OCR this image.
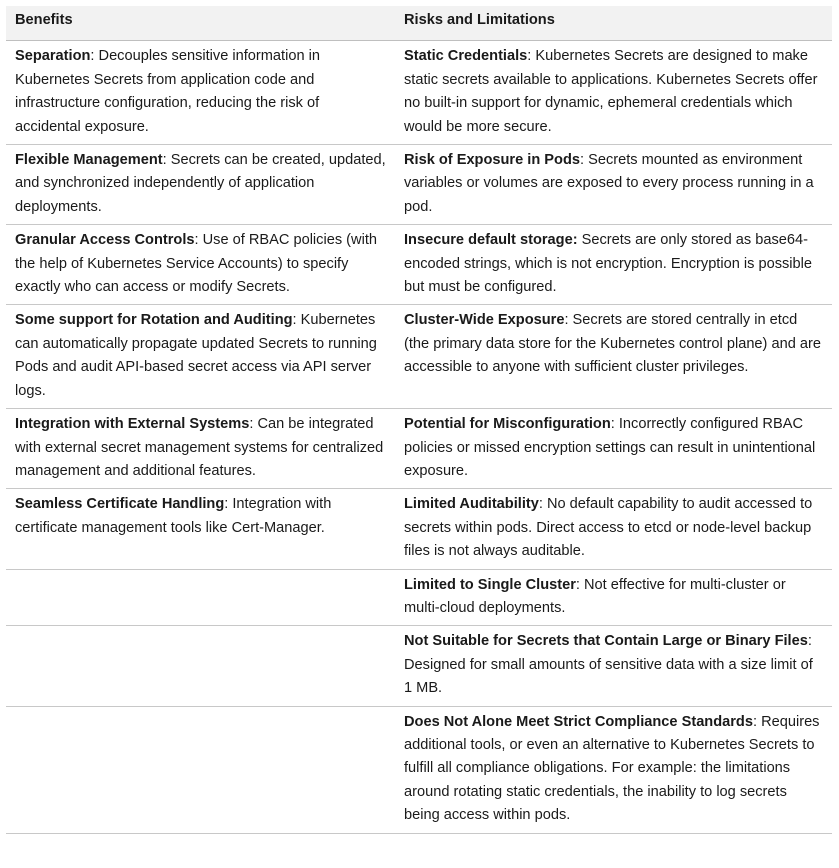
Benefits	Risks and Limitations
Separation: Decouples sensitive information in Kubernetes Secrets from application code and infrastructure configuration, reducing the risk of accidental exposure.	Static Credentials: Kubernetes Secrets are designed to make static secrets available to applications. Kubernetes Secrets offer no built-in support for dynamic, ephemeral credentials which would be more secure.
Flexible Management: Secrets can be created, updated, and synchronized independently of application deployments.	Risk of Exposure in Pods: Secrets mounted as environment variables or volumes are exposed to every process running in a pod.
Granular Access Controls: Use of RBAC policies (with the help of Kubernetes Service Accounts) to specify exactly who can access or modify Secrets.	Insecure default storage: Secrets are only stored as base64-encoded strings, which is not encryption. Encryption is possible but must be configured.
Some support for Rotation and Auditing: Kubernetes can automatically propagate updated Secrets to running Pods and audit API-based secret access via API server logs.	Cluster-Wide Exposure: Secrets are stored centrally in etcd (the primary data store for the Kubernetes control plane) and are accessible to anyone with sufficient cluster privileges.
Integration with External Systems: Can be integrated with external secret management systems for centralized management and additional features.	Potential for Misconfiguration: Incorrectly configured RBAC policies or missed encryption settings can result in unintentional exposure.
Seamless Certificate Handling: Integration with certificate management tools like Cert-Manager.	Limited Auditability: No default capability to audit accessed to secrets within pods. Direct access to etcd or node-level backup files is not always auditable.
	Limited to Single Cluster: Not effective for multi-cluster or multi-cloud deployments.
	Not Suitable for Secrets that Contain Large or Binary Files: Designed for small amounts of sensitive data with a size limit of 1 MB.
	Does Not Alone Meet Strict Compliance Standards: Requires additional tools, or even an alternative to Kubernetes Secrets to fulfill all compliance obligations. For example: the limitations around rotating static credentials, the inability to log secrets being access within pods.
